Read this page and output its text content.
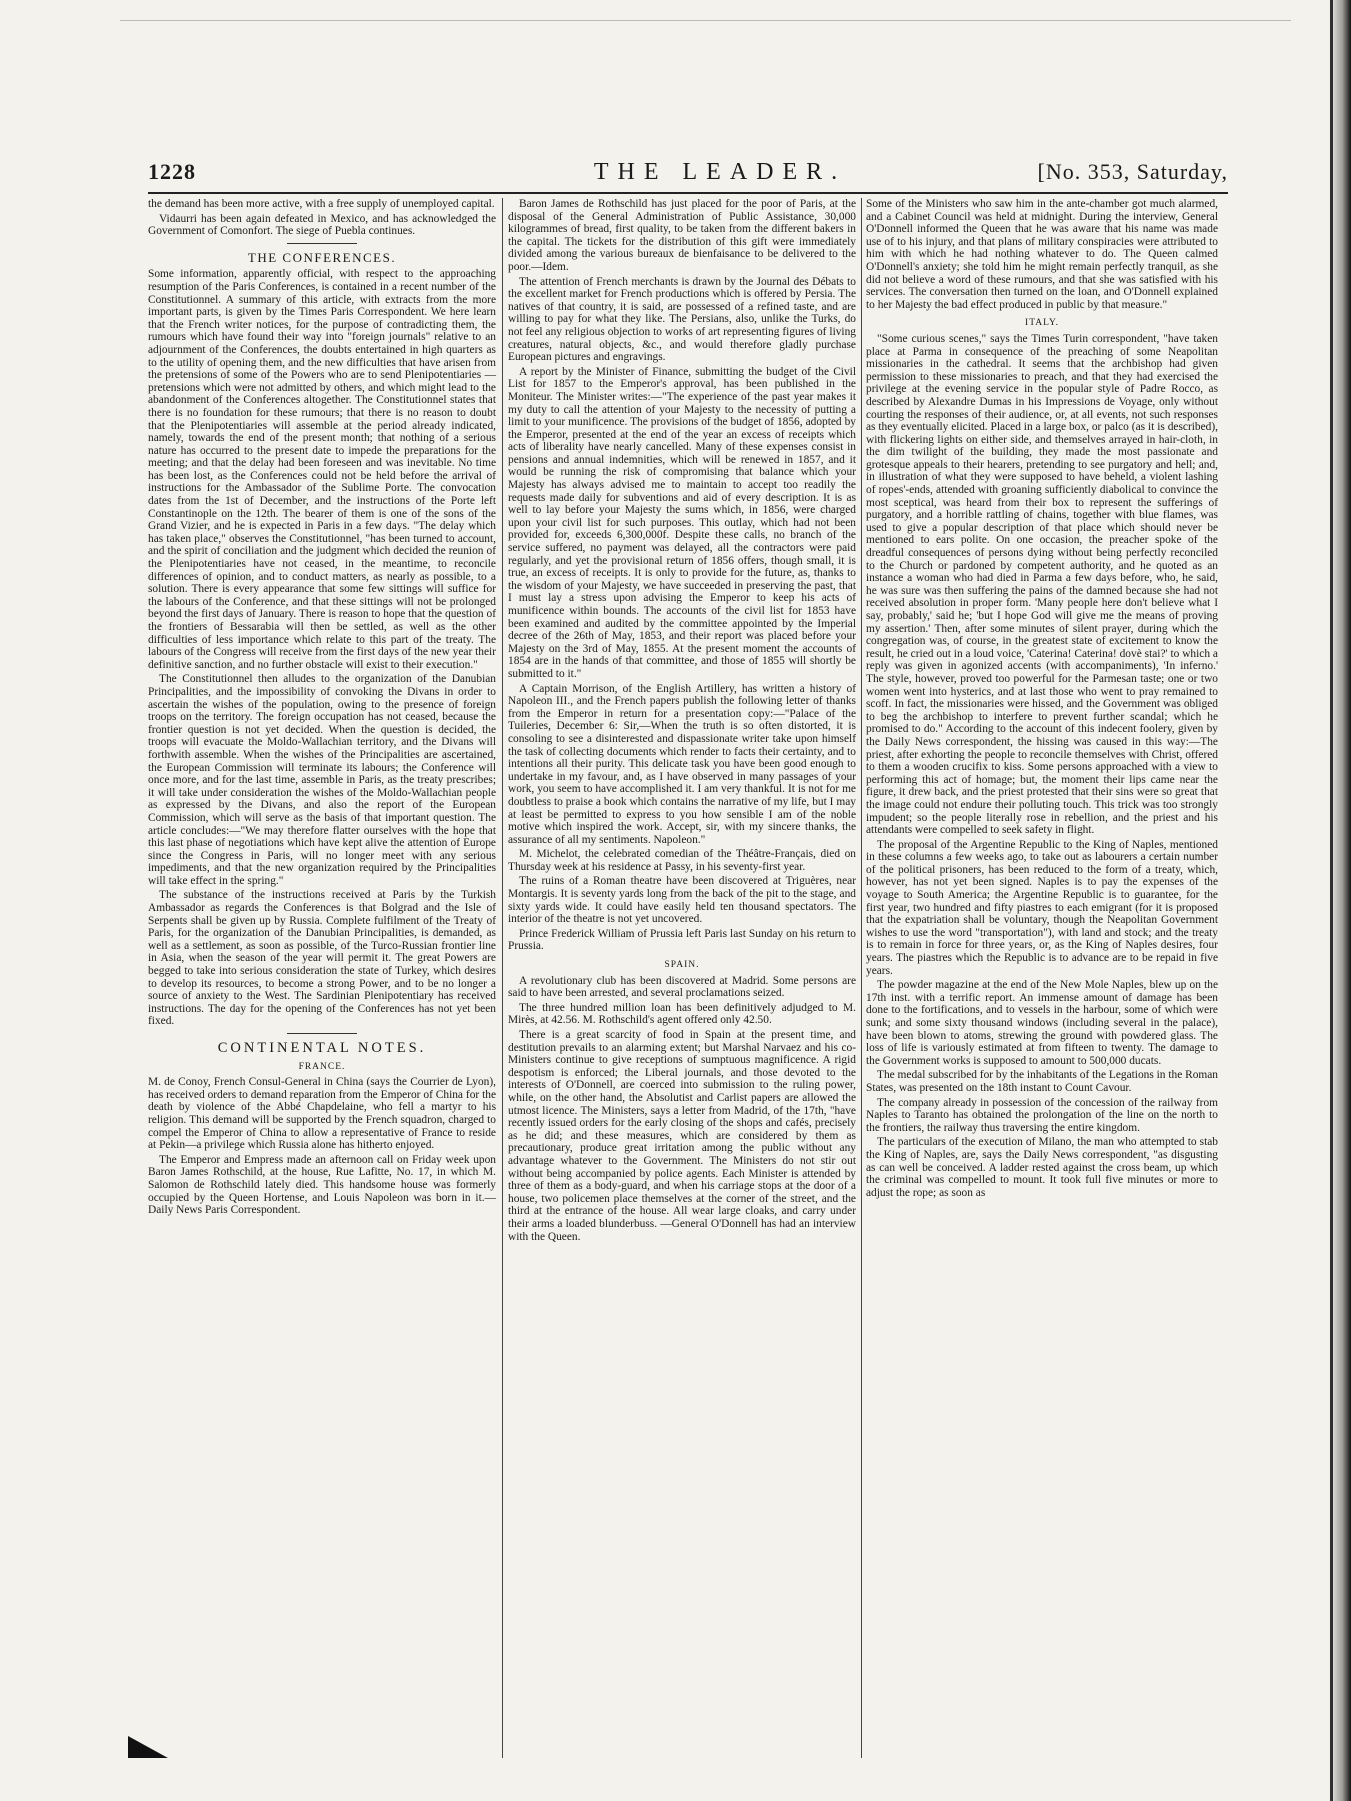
1228	THE LEADER.	[No. 353, Saturday,

the demand has been more active, with a free supply of unemployed capital.

Vidaurri has been again defeated in Mexico, and has acknowledged the Government of Comonfort. The siege of Puebla continues.

THE CONFERENCES.

Some information, apparently official, with respect to the approaching resumption of the Paris Conferences, is contained in a recent number of the Constitutionnel. A summary of this article, with extracts from the more important parts, is given by the Times Paris Correspondent. We here learn that the French writer notices, for the purpose of contradicting them, the rumours which have found their way into "foreign journals" relative to an adjournment of the Conferences, the doubts entertained in high quarters as to the utility of opening them, and the new difficulties that have arisen from the pretensions of some of the Powers who are to send Plenipotentiaries — pretensions which were not admitted by others, and which might lead to the abandonment of the Conferences altogether. The Constitutionnel states that there is no foundation for these rumours; that there is no reason to doubt that the Plenipotentiaries will assemble at the period already indicated, namely, towards the end of the present month; that nothing of a serious nature has occurred to the present date to impede the preparations for the meeting; and that the delay had been foreseen and was inevitable. No time has been lost, as the Conferences could not be held before the arrival of instructions for the Ambassador of the Sublime Porte. The convocation dates from the 1st of December, and the instructions of the Porte left Constantinople on the 12th. The bearer of them is one of the sons of the Grand Vizier, and he is expected in Paris in a few days. "The delay which has taken place," observes the Constitutionnel, "has been turned to account, and the spirit of conciliation and the judgment which decided the reunion of the Plenipotentiaries have not ceased, in the meantime, to reconcile differences of opinion, and to conduct matters, as nearly as possible, to a solution. There is every appearance that some few sittings will suffice for the labours of the Conference, and that these sittings will not be prolonged beyond the first days of January. There is reason to hope that the question of the frontiers of Bessarabia will then be settled, as well as the other difficulties of less importance which relate to this part of the treaty. The labours of the Congress will receive from the first days of the new year their definitive sanction, and no further obstacle will exist to their execution."

The Constitutionnel then alludes to the organization of the Danubian Principalities, and the impossibility of convoking the Divans in order to ascertain the wishes of the population, owing to the presence of foreign troops on the territory. The foreign occupation has not ceased, because the frontier question is not yet decided. When the question is decided, the troops will evacuate the Moldo-Wallachian territory, and the Divans will forthwith assemble. When the wishes of the Principalities are ascertained, the European Commission will terminate its labours; the Conference will once more, and for the last time, assemble in Paris, as the treaty prescribes; it will take under consideration the wishes of the Moldo-Wallachian people as expressed by the Divans, and also the report of the European Commission, which will serve as the basis of that important question. The article concludes:—"We may therefore flatter ourselves with the hope that this last phase of negotiations which have kept alive the attention of Europe since the Congress in Paris, will no longer meet with any serious impediments, and that the new organization required by the Principalities will take effect in the spring."

The substance of the instructions received at Paris by the Turkish Ambassador as regards the Conferences is that Bolgrad and the Isle of Serpents shall be given up by Russia. Complete fulfilment of the Treaty of Paris, for the organization of the Danubian Principalities, is demanded, as well as a settlement, as soon as possible, of the Turco-Russian frontier line in Asia, when the season of the year will permit it. The great Powers are begged to take into serious consideration the state of Turkey, which desires to develop its resources, to become a strong Power, and to be no longer a source of anxiety to the West. The Sardinian Plenipotentiary has received instructions. The day for the opening of the Conferences has not yet been fixed.

CONTINENTAL NOTES.
FRANCE.

M. de Conoy, French Consul-General in China (says the Courrier de Lyon), has received orders to demand reparation from the Emperor of China for the death by violence of the Abbé Chapdelaine, who fell a martyr to his religion. This demand will be supported by the French squadron, charged to compel the Emperor of China to allow a representative of France to reside at Pekin—a privilege which Russia alone has hitherto enjoyed.

The Emperor and Empress made an afternoon call on Friday week upon Baron James Rothschild, at the house, Rue Lafitte, No. 17, in which M. Salomon de Rothschild lately died. This handsome house was formerly occupied by the Queen Hortense, and Louis Napoleon was born in it.—Daily News Paris Correspondent.

Baron James de Rothschild has just placed for the poor of Paris, at the disposal of the General Administration of Public Assistance, 30,000 kilogrammes of bread, first quality, to be taken from the different bakers in the capital. The tickets for the distribution of this gift were immediately divided among the various bureaux de bienfaisance to be delivered to the poor.—Idem.

The attention of French merchants is drawn by the Journal des Débats to the excellent market for French productions which is offered by Persia. The natives of that country, it is said, are possessed of a refined taste, and are willing to pay for what they like. The Persians, also, unlike the Turks, do not feel any religious objection to works of art representing figures of living creatures, natural objects, &c., and would therefore gladly purchase European pictures and engravings.

A report by the Minister of Finance, submitting the budget of the Civil List for 1857 to the Emperor's approval, has been published in the Moniteur. The Minister writes:—"The experience of the past year makes it my duty to call the attention of your Majesty to the necessity of putting a limit to your munificence. The provisions of the budget of 1856, adopted by the Emperor, presented at the end of the year an excess of receipts which acts of liberality have nearly cancelled. Many of these expenses consist in pensions and annual indemnities, which will be renewed in 1857, and it would be running the risk of compromising that balance which your Majesty has always advised me to maintain to accept too readily the requests made daily for subventions and aid of every description. It is as well to lay before your Majesty the sums which, in 1856, were charged upon your civil list for such purposes. This outlay, which had not been provided for, exceeds 6,300,000f. Despite these calls, no branch of the service suffered, no payment was delayed, all the contractors were paid regularly, and yet the provisional return of 1856 offers, though small, it is true, an excess of receipts. It is only to provide for the future, as, thanks to the wisdom of your Majesty, we have succeeded in preserving the past, that I must lay a stress upon advising the Emperor to keep his acts of munificence within bounds. The accounts of the civil list for 1853 have been examined and audited by the committee appointed by the Imperial decree of the 26th of May, 1853, and their report was placed before your Majesty on the 3rd of May, 1855. At the present moment the accounts of 1854 are in the hands of that committee, and those of 1855 will shortly be submitted to it."

A Captain Morrison, of the English Artillery, has written a history of Napoleon III., and the French papers publish the following letter of thanks from the Emperor in return for a presentation copy:—"Palace of the Tuileries, December 6: Sir,—When the truth is so often distorted, it is consoling to see a disinterested and dispassionate writer take upon himself the task of collecting documents which render to facts their certainty, and to intentions all their purity. This delicate task you have been good enough to undertake in my favour, and, as I have observed in many passages of your work, you seem to have accomplished it. I am very thankful. It is not for me doubtless to praise a book which contains the narrative of my life, but I may at least be permitted to express to you how sensible I am of the noble motive which inspired the work. Accept, sir, with my sincere thanks, the assurance of all my sentiments. Napoleon."

M. Michelot, the celebrated comedian of the Théâtre-Français, died on Thursday week at his residence at Passy, in his seventy-first year.

The ruins of a Roman theatre have been discovered at Triguères, near Montargis. It is seventy yards long from the back of the pit to the stage, and sixty yards wide. It could have easily held ten thousand spectators. The interior of the theatre is not yet uncovered.

Prince Frederick William of Prussia left Paris last Sunday on his return to Prussia.

SPAIN.

A revolutionary club has been discovered at Madrid. Some persons are said to have been arrested, and several proclamations seized.

The three hundred million loan has been definitively adjudged to M. Mirès, at 42.56. M. Rothschild's agent offered only 42.50.

There is a great scarcity of food in Spain at the present time, and destitution prevails to an alarming extent; but Marshal Narvaez and his co-Ministers continue to give receptions of sumptuous magnificence. A rigid despotism is enforced; the Liberal journals, and those devoted to the interests of O'Donnell, are coerced into submission to the ruling power, while, on the other hand, the Absolutist and Carlist papers are allowed the utmost licence. The Ministers, says a letter from Madrid, of the 17th, "have recently issued orders for the early closing of the shops and cafés, precisely as he did; and these measures, which are considered by them as precautionary, produce great irritation among the public without any advantage whatever to the Government. The Ministers do not stir out without being accompanied by police agents. Each Minister is attended by three of them as a body-guard, and when his carriage stops at the door of a house, two policemen place themselves at the corner of the street, and the third at the entrance of the house. All wear large cloaks, and carry under their arms a loaded blunderbuss. —General O'Donnell has had an interview with the Queen.

Some of the Ministers who saw him in the ante-chamber got much alarmed, and a Cabinet Council was held at midnight. During the interview, General O'Donnell informed the Queen that he was aware that his name was made use of to his injury, and that plans of military conspiracies were attributed to him with which he had nothing whatever to do. The Queen calmed O'Donnell's anxiety; she told him he might remain perfectly tranquil, as she did not believe a word of these rumours, and that she was satisfied with his services. The conversation then turned on the loan, and O'Donnell explained to her Majesty the bad effect produced in public by that measure."

ITALY.

"Some curious scenes," says the Times Turin correspondent, "have taken place at Parma in consequence of the preaching of some Neapolitan missionaries in the cathedral. It seems that the archbishop had given permission to these missionaries to preach, and that they had exercised the privilege at the evening service in the popular style of Padre Rocco, as described by Alexandre Dumas in his Impressions de Voyage, only without courting the responses of their audience, or, at all events, not such responses as they eventually elicited. Placed in a large box, or palco (as it is described), with flickering lights on either side, and themselves arrayed in hair-cloth, in the dim twilight of the building, they made the most passionate and grotesque appeals to their hearers, pretending to see purgatory and hell; and, in illustration of what they were supposed to have beheld, a violent lashing of ropes'-ends, attended with groaning sufficiently diabolical to convince the most sceptical, was heard from their box to represent the sufferings of purgatory, and a horrible rattling of chains, together with blue flames, was used to give a popular description of that place which should never be mentioned to ears polite. On one occasion, the preacher spoke of the dreadful consequences of persons dying without being perfectly reconciled to the Church or pardoned by competent authority, and he quoted as an instance a woman who had died in Parma a few days before, who, he said, he was sure was then suffering the pains of the damned because she had not received absolution in proper form. 'Many people here don't believe what I say, probably,' said he; 'but I hope God will give me the means of proving my assertion.' Then, after some minutes of silent prayer, during which the congregation was, of course, in the greatest state of excitement to know the result, he cried out in a loud voice, 'Caterina! Caterina! dovè stai?' to which a reply was given in agonized accents (with accompaniments), 'In inferno.' The style, however, proved too powerful for the Parmesan taste; one or two women went into hysterics, and at last those who went to pray remained to scoff. In fact, the missionaries were hissed, and the Government was obliged to beg the archbishop to interfere to prevent further scandal; which he promised to do." According to the account of this indecent foolery, given by the Daily News correspondent, the hissing was caused in this way:—The priest, after exhorting the people to reconcile themselves with Christ, offered to them a wooden crucifix to kiss. Some persons approached with a view to performing this act of homage; but, the moment their lips came near the figure, it drew back, and the priest protested that their sins were so great that the image could not endure their polluting touch. This trick was too strongly impudent; so the people literally rose in rebellion, and the priest and his attendants were compelled to seek safety in flight.

The proposal of the Argentine Republic to the King of Naples, mentioned in these columns a few weeks ago, to take out as labourers a certain number of the political prisoners, has been reduced to the form of a treaty, which, however, has not yet been signed. Naples is to pay the expenses of the voyage to South America; the Argentine Republic is to guarantee, for the first year, two hundred and fifty piastres to each emigrant (for it is proposed that the expatriation shall be voluntary, though the Neapolitan Government wishes to use the word "transportation"), with land and stock; and the treaty is to remain in force for three years, or, as the King of Naples desires, four years. The piastres which the Republic is to advance are to be repaid in five years.

The powder magazine at the end of the New Mole Naples, blew up on the 17th inst. with a terrific report. An immense amount of damage has been done to the fortifications, and to vessels in the harbour, some of which were sunk; and some sixty thousand windows (including several in the palace), have been blown to atoms, strewing the ground with powdered glass. The loss of life is variously estimated at from fifteen to twenty. The damage to the Government works is supposed to amount to 500,000 ducats.

The medal subscribed for by the inhabitants of the Legations in the Roman States, was presented on the 18th instant to Count Cavour.

The company already in possession of the concession of the railway from Naples to Taranto has obtained the prolongation of the line on the north to the frontiers, the railway thus traversing the entire kingdom.

The particulars of the execution of Milano, the man who attempted to stab the King of Naples, are, says the Daily News correspondent, "as disgusting as can well be conceived. A ladder rested against the cross beam, up which the criminal was compelled to mount. It took full five minutes or more to adjust the rope; as soon as
